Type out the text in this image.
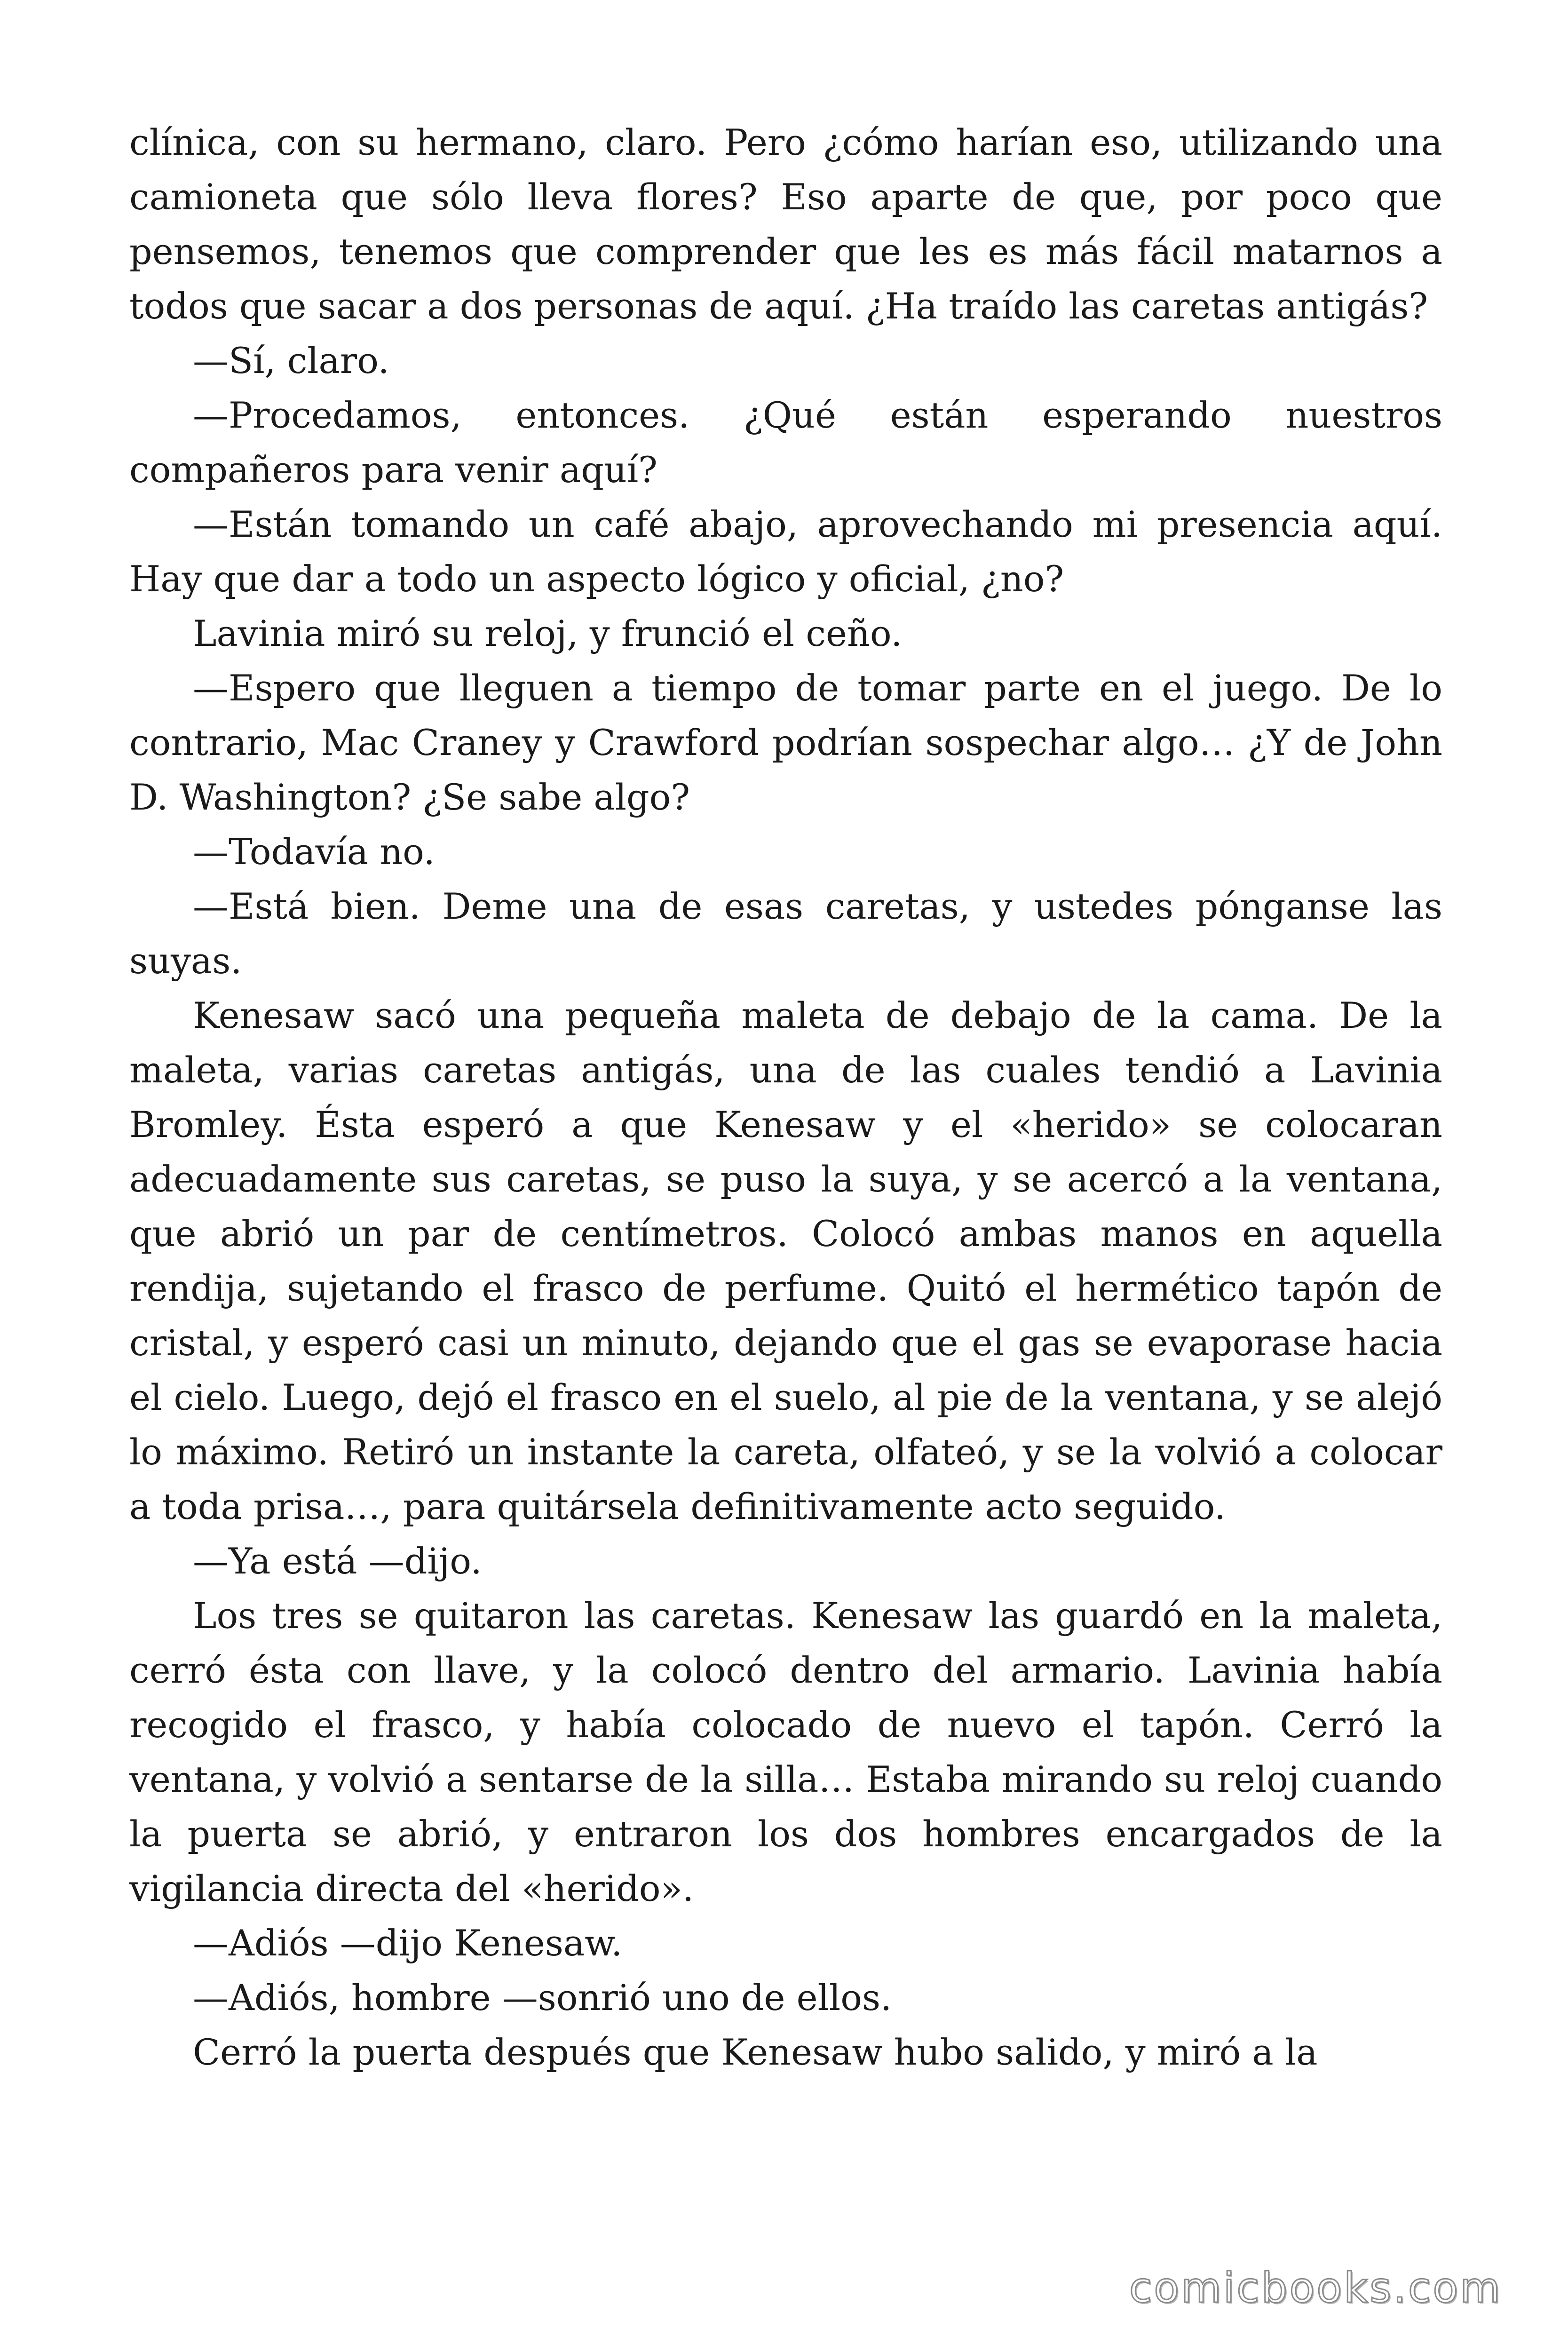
clínica, con su hermano, claro. Pero ¿cómo harían eso, utilizando una camioneta que sólo lleva flores? Eso aparte de que, por poco que pensemos, tenemos que comprender que les es más fácil matarnos a todos que sacar a dos personas de aquí. ¿Ha traído las caretas antigás?

—Sí, claro.

—Procedamos, entonces. ¿Qué están esperando nuestros compañeros para venir aquí?

—Están tomando un café abajo, aprovechando mi presencia aquí. Hay que dar a todo un aspecto lógico y oficial, ¿no?

Lavinia miró su reloj, y frunció el ceño.

—Espero que lleguen a tiempo de tomar parte en el juego. De lo contrario, Mac Craney y Crawford podrían sospechar algo… ¿Y de John D. Washington? ¿Se sabe algo?

—Todavía no.

—Está bien. Deme una de esas caretas, y ustedes pónganse las suyas.

Kenesaw sacó una pequeña maleta de debajo de la cama. De la maleta, varias caretas antigás, una de las cuales tendió a Lavinia Bromley. Ésta esperó a que Kenesaw y el «herido» se colocaran adecuadamente sus caretas, se puso la suya, y se acercó a la ventana, que abrió un par de centímetros. Colocó ambas manos en aquella rendija, sujetando el frasco de perfume. Quitó el hermético tapón de cristal, y esperó casi un minuto, dejando que el gas se evaporase hacia el cielo. Luego, dejó el frasco en el suelo, al pie de la ventana, y se alejó lo máximo. Retiró un instante la careta, olfateó, y se la volvió a colocar a toda prisa…, para quitársela definitivamente acto seguido.

—Ya está —dijo.

Los tres se quitaron las caretas. Kenesaw las guardó en la maleta, cerró ésta con llave, y la colocó dentro del armario. Lavinia había recogido el frasco, y había colocado de nuevo el tapón. Cerró la ventana, y volvió a sentarse de la silla… Estaba mirando su reloj cuando la puerta se abrió, y entraron los dos hombres encargados de la vigilancia directa del «herido».

—Adiós —dijo Kenesaw.

—Adiós, hombre —sonrió uno de ellos.

Cerró la puerta después que Kenesaw hubo salido, y miró a la

comicbooks.com
